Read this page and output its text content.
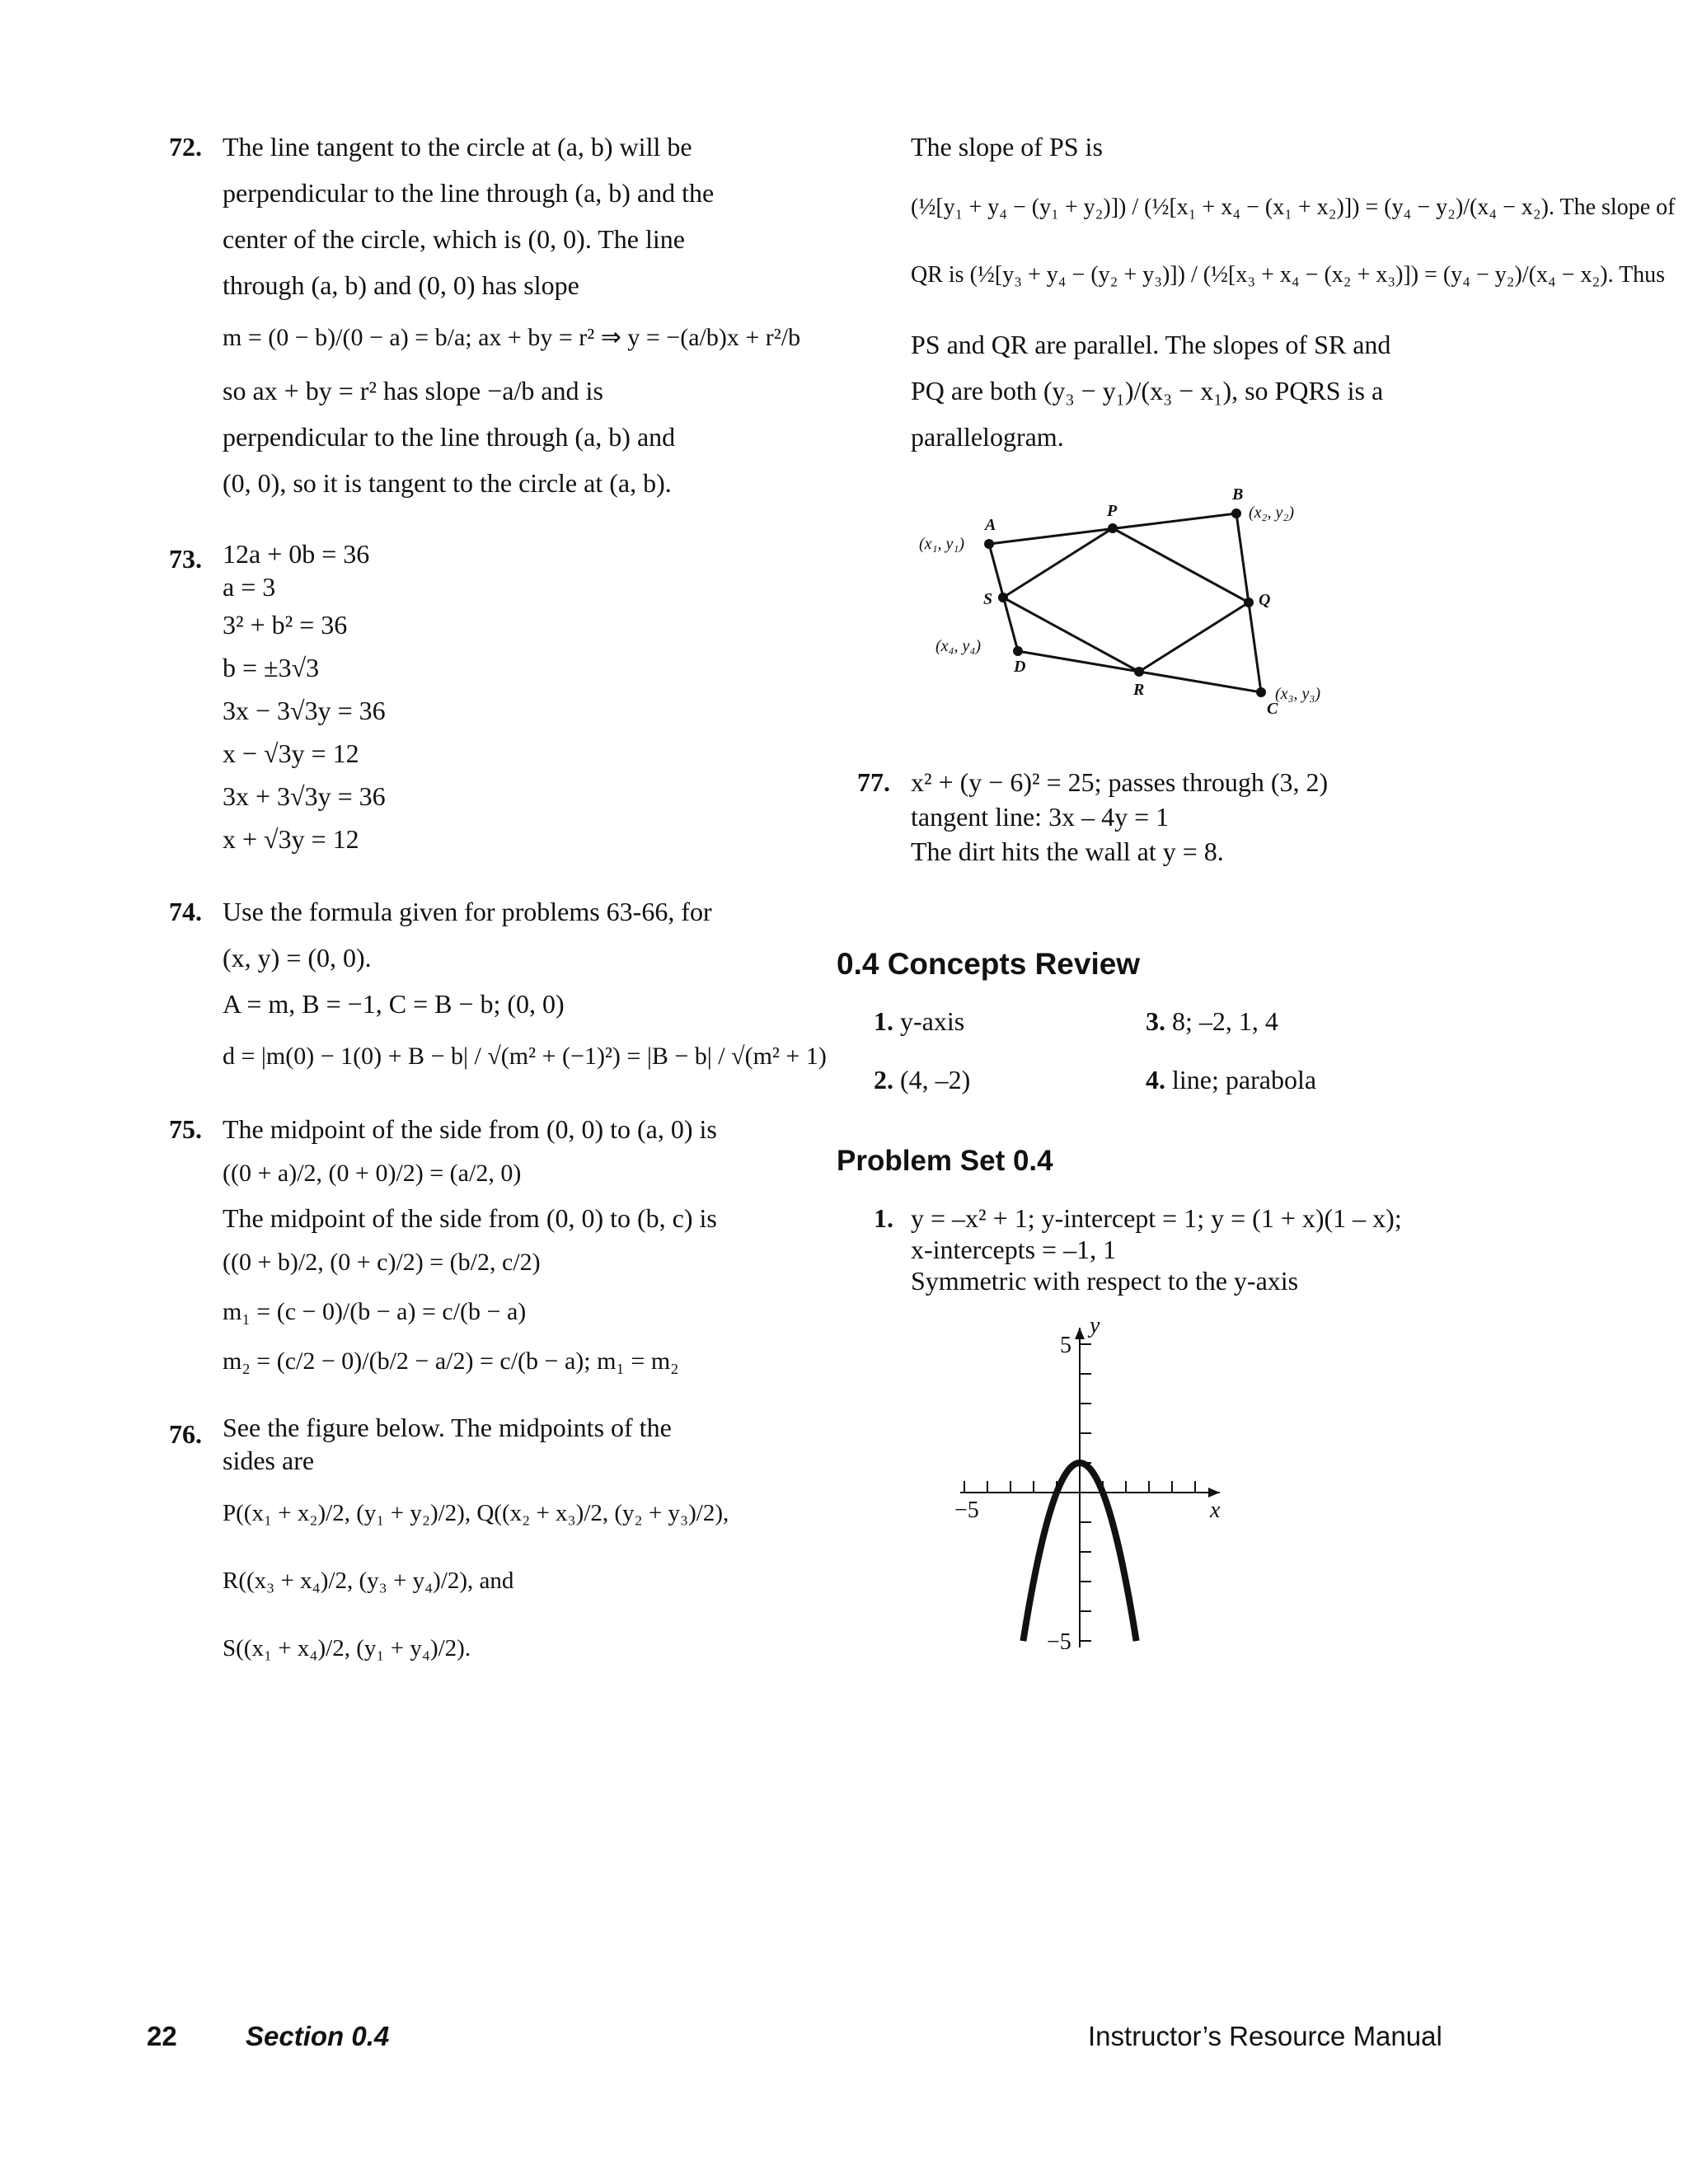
72. The line tangent to the circle at (a, b) will be
perpendicular to the line through (a, b) and the
center of the circle, which is (0, 0). The line
through (a, b) and (0, 0) has slope
m = (0 − b)/(0 − a) = b/a; ax + by = r² ⇒ y = −(a/b)x + r²/b
so ax + by = r² has slope −a/b and is
perpendicular to the line through (a, b) and
(0, 0), so it is tangent to the circle at (a, b).
73. 12a + 0b = 36
a = 3
3² + b² = 36
b = ±3√3
3x − 3√3y = 36
x − √3y = 12
3x + 3√3y = 36
x + √3y = 12
74. Use the formula given for problems 63-66, for
(x, y) = (0, 0).
A = m, B = −1, C = B − b; (0, 0)
d = |m(0) − 1(0) + B − b| / √(m² + (−1)²) = |B − b| / √(m² + 1)
75. The midpoint of the side from (0, 0) to (a, 0) is
((0 + a)/2, (0 + 0)/2) = (a/2, 0)
The midpoint of the side from (0, 0) to (b, c) is
((0 + b)/2, (0 + c)/2) = (b/2, c/2)
m₁ = (c − 0)/(b − a) = c/(b − a)
m₂ = (c/2 − 0)/(b/2 − a/2) = c/(b − a); m₁ = m₂
76. See the figure below. The midpoints of the
sides are
P((x₁ + x₂)/2, (y₁ + y₂)/2), Q((x₂ + x₃)/2, (y₂ + y₃)/2),
R((x₃ + x₄)/2, (y₃ + y₄)/2), and
S((x₁ + x₄)/2, (y₁ + y₄)/2).
The slope of PS is
(½[y₁ + y₄ − (y₁ + y₂)]) / (½[x₁ + x₄ − (x₁ + x₂)]) = (y₄ − y₂)/(x₄ − x₂). The slope of
QR is (½[y₃ + y₄ − (y₂ + y₃)]) / (½[x₃ + x₄ − (x₂ + x₃)]) = (y₄ − y₂)/(x₄ − x₂). Thus
PS and QR are parallel. The slopes of SR and
PQ are both (y₃ − y₁)/(x₃ − x₁), so PQRS is a
parallelogram.
A
B
C
D
P
Q
R
S
(x₁, y₁)
(x₂, y₂)
(x₃, y₃)
(x₄, y₄)
77. x² + (y − 6)² = 25; passes through (3, 2)
tangent line: 3x – 4y = 1
The dirt hits the wall at y = 8.
0.4 Concepts Review
1. y-axis	3. 8; –2, 1, 4
2. (4, –2)	4. line; parabola
Problem Set 0.4
1. y = –x² + 1; y-intercept = 1; y = (1 + x)(1 – x);
x-intercepts = –1, 1
Symmetric with respect to the y-axis
5
−5
−5	x
y
22	Section 0.4	Instructor’s Resource Manual
